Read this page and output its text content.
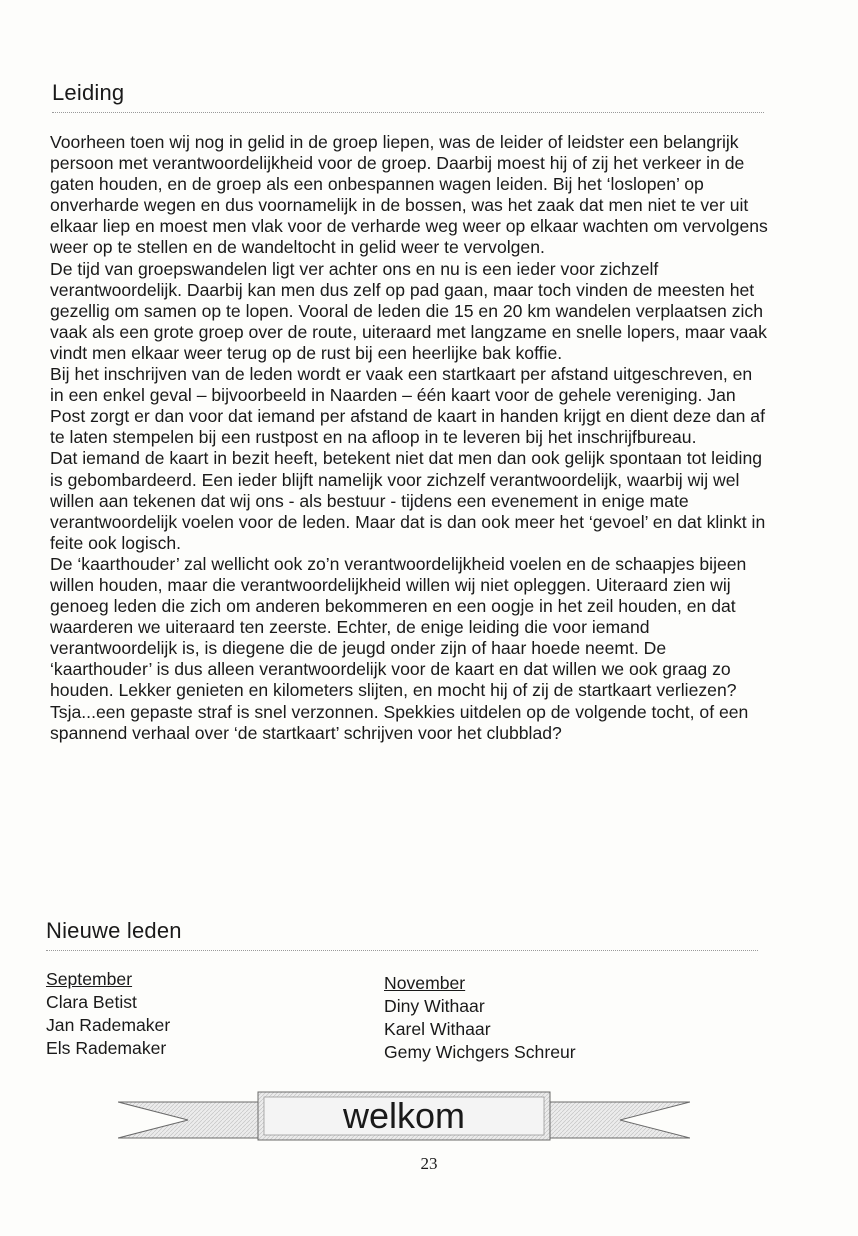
Leiding

Voorheen toen wij nog in gelid in de groep liepen, was de leider of leidster een belangrijk persoon met verantwoordelijkheid voor de groep. Daarbij moest hij of zij het verkeer in de gaten houden, en de groep als een onbespannen wagen leiden. Bij het ‘loslopen’ op onverharde wegen en dus voornamelijk in de bossen, was het zaak dat men niet te ver uit elkaar liep en moest men vlak voor de verharde weg weer op elkaar wachten om vervolgens weer op te stellen en de wandeltocht in gelid weer te vervolgen.

De tijd van groepswandelen ligt ver achter ons en nu is een ieder voor zichzelf verantwoordelijk. Daarbij kan men dus zelf op pad gaan, maar toch vinden de meesten het gezellig om samen op te lopen. Vooral de leden die 15 en 20 km wandelen verplaatsen zich vaak als een grote groep over de route, uiteraard met langzame en snelle lopers, maar vaak vindt men elkaar weer terug op de rust bij een heerlijke bak koffie.

Bij het inschrijven van de leden wordt er vaak een startkaart per afstand uitgeschreven, en in een enkel geval – bijvoorbeeld in Naarden – één kaart voor de gehele vereniging. Jan Post zorgt er dan voor dat iemand per afstand de kaart in handen krijgt en dient deze dan af te laten stempelen bij een rustpost en na afloop in te leveren bij het inschrijfbureau.

Dat iemand de kaart in bezit heeft, betekent niet dat men dan ook gelijk spontaan tot leiding is gebombardeerd. Een ieder blijft namelijk voor zichzelf verantwoordelijk, waarbij wij wel willen aan tekenen dat wij ons - als bestuur - tijdens een evenement in enige mate verantwoordelijk voelen voor de leden. Maar dat is dan ook meer het ‘gevoel’ en dat klinkt in feite ook logisch.

De ‘kaarthouder’ zal wellicht ook zo’n verantwoordelijkheid voelen en de schaapjes bijeen willen houden, maar die verantwoordelijkheid willen wij niet opleggen. Uiteraard zien wij genoeg leden die zich om anderen bekommeren en een oogje in het zeil houden, en dat waarderen we uiteraard ten zeerste. Echter, de enige leiding die voor iemand verantwoordelijk is, is diegene die de jeugd onder zijn of haar hoede neemt. De ‘kaarthouder’ is dus alleen verantwoordelijk voor de kaart en dat willen we ook graag zo houden. Lekker genieten en kilometers slijten, en mocht hij of zij de startkaart verliezen? Tsja...een gepaste straf is snel verzonnen. Spekkies uitdelen op de volgende tocht, of een spannend verhaal over ‘de startkaart’ schrijven voor het clubblad?

Nieuwe leden
September
Clara Betist
Jan Rademaker
Els Rademaker
November
Diny Withaar
Karel Withaar
Gemy Wichgers Schreur
welkom
23
